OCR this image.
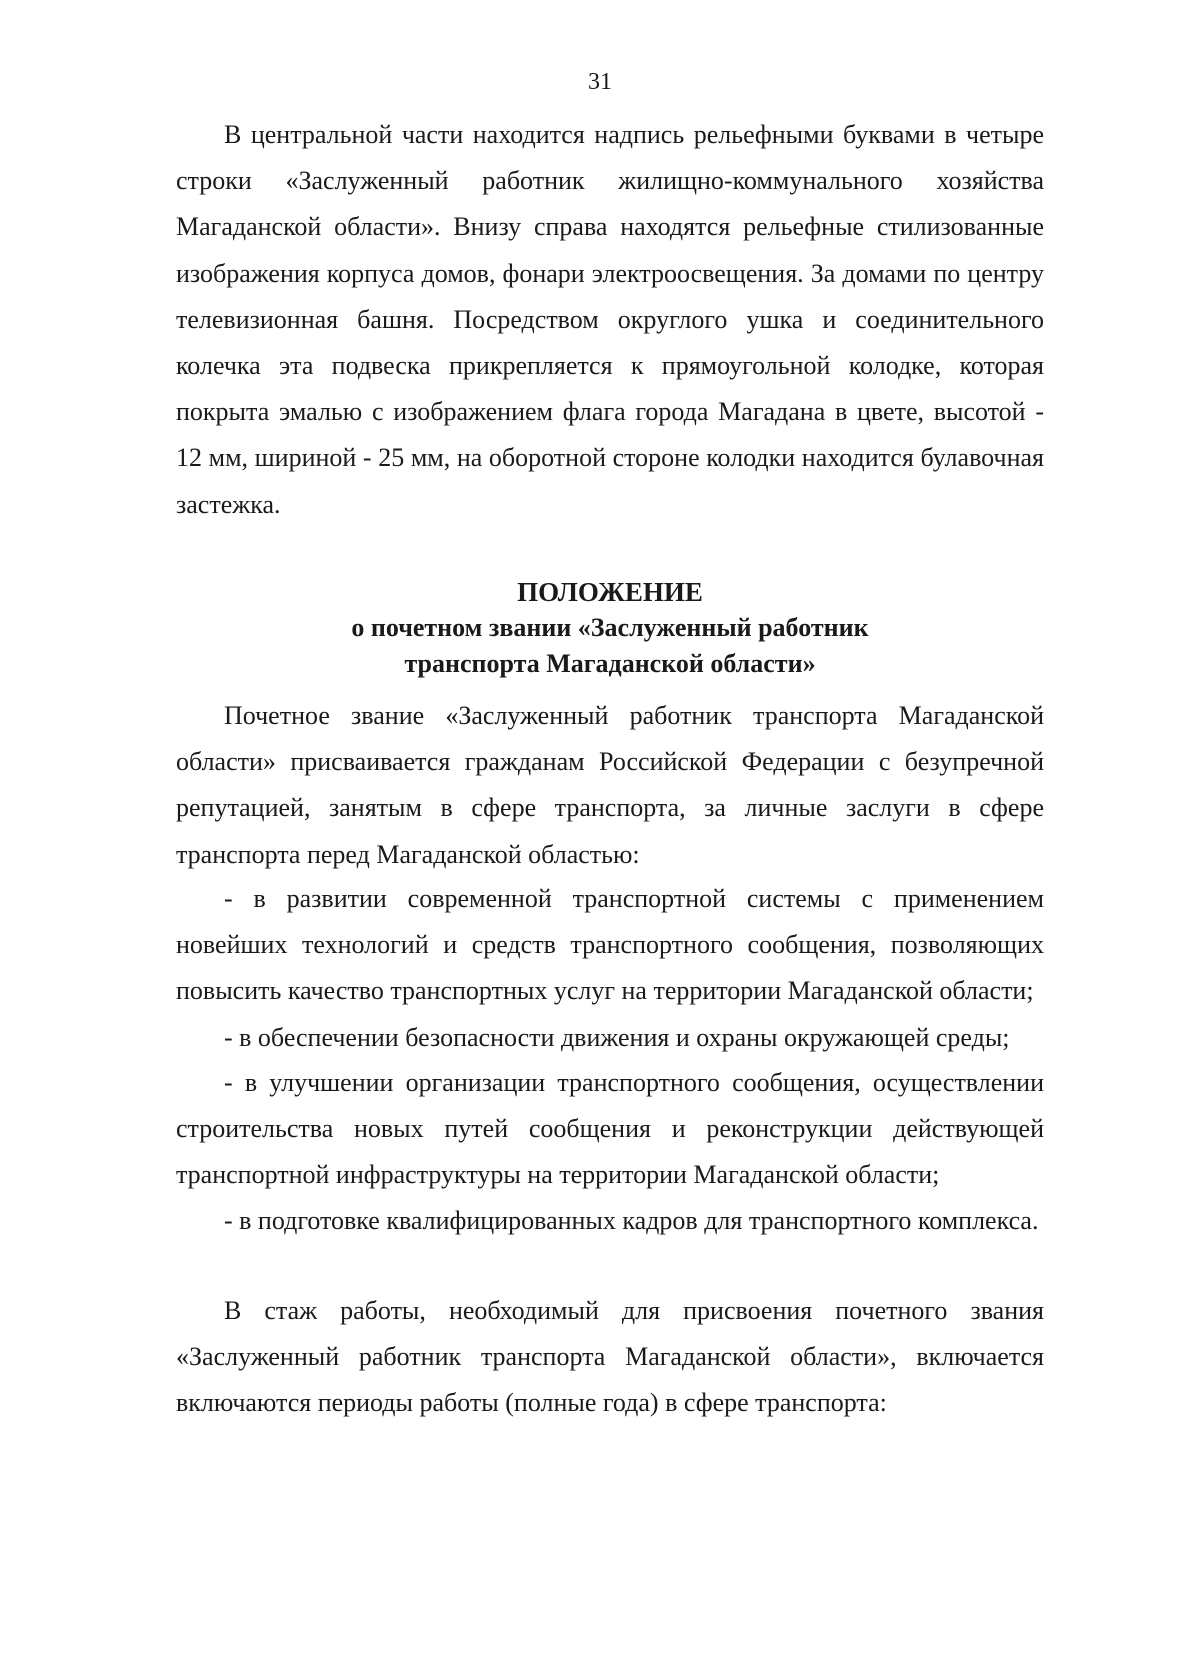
31

В центральной части находится надпись рельефными буквами в четыре строки «Заслуженный работник жилищно-коммунального хозяйства Магаданской области». Внизу справа находятся рельефные стилизованные изображения корпуса домов, фонари электроосвещения. За домами по центру телевизионная башня. Посредством округлого ушка и соединительного колечка эта подвеска прикрепляется к прямоугольной колодке, которая покрыта эмалью с изображением флага города Магадана в цвете, высотой - 12 мм, шириной - 25 мм, на оборотной стороне колодки находится булавочная застежка.

ПОЛОЖЕНИЕ
о почетном звании «Заслуженный работник
транспорта Магаданской области»

Почетное звание «Заслуженный работник транспорта Магаданской области» присваивается гражданам Российской Федерации с безупречной репутацией, занятым в сфере транспорта, за личные заслуги в сфере транспорта перед Магаданской областью:

- в развитии современной транспортной системы с применением новейших технологий и средств транспортного сообщения, позволяющих повысить качество транспортных услуг на территории Магаданской области;

- в обеспечении безопасности движения и охраны окружающей среды;

- в улучшении организации транспортного сообщения, осуществлении строительства новых путей сообщения и реконструкции действующей транспортной инфраструктуры на территории Магаданской области;

- в подготовке квалифицированных кадров для транспортного комплекса.

В стаж работы, необходимый для присвоения почетного звания «Заслуженный работник транспорта Магаданской области», включается включаются периоды работы (полные года) в сфере транспорта:
